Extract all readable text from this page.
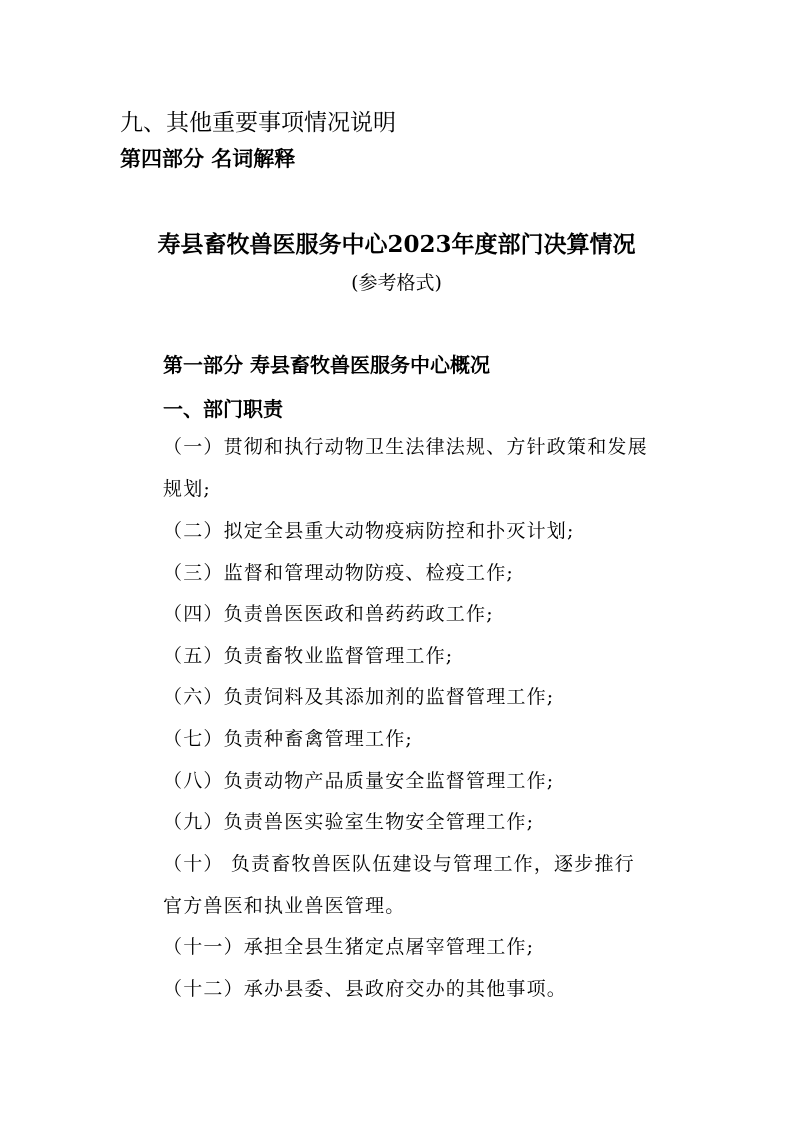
九、其他重要事项情况说明
第四部分 名词解释
寿县畜牧兽医服务中心2023年度部门决算情况
(参考格式)
第一部分 寿县畜牧兽医服务中心概况
一、部门职责
（一）贯彻和执行动物卫生法律法规、方针政策和发展
规划;
（二）拟定全县重大动物疫病防控和扑灭计划;
（三）监督和管理动物防疫、检疫工作;
（四）负责兽医医政和兽药药政工作;
（五）负责畜牧业监督管理工作;
（六）负责饲料及其添加剂的监督管理工作;
（七）负责种畜禽管理工作;
（八）负责动物产品质量安全监督管理工作;
（九）负责兽医实验室生物安全管理工作;
（十） 负责畜牧兽医队伍建设与管理工作，逐步推行
官方兽医和执业兽医管理。
（十一）承担全县生猪定点屠宰管理工作;
（十二）承办县委、县政府交办的其他事项。
